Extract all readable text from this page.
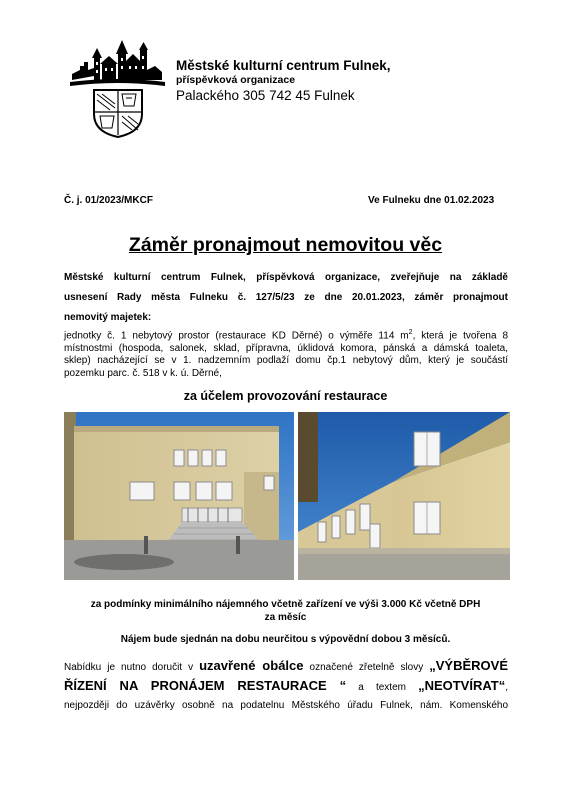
Městské kulturní centrum Fulnek,
příspěvková organizace
Palackého 305 742 45 Fulnek
Č. j. 01/2023/MKCF	Ve Fulneku dne 01.02.2023
Záměr pronajmout nemovitou věc
Městské kulturní centrum Fulnek, příspěvková organizace, zveřejňuje na základě
usnesení Rady města Fulneku č. 127/5/23 ze dne 20.01.2023, záměr pronajmout
nemovitý majetek:
jednotky č. 1 nebytový prostor (restaurace KD Děrné) o výměře 114 $m^2$, která je tvořena 8
místnostmi (hospoda, salonek, sklad, přípravna, úklidová komora, pánská a dámská toaleta,
sklep) nacházející se v 1. nadzemním podlaží domu čp.1 nebytový dům, který je součástí
pozemku parc. č. 518 v k. ú. Děrné,
za účelem provozování restaurace
za podmínky minimálního nájemného včetně zařízení ve výši 3.000 Kč včetně DPH
za měsíc
Nájem bude sjednán na dobu neurčitou s výpovědní dobou 3 měsíců.
Nabídku je nutno doručit v uzavřené obálce označené zřetelně slovy „VÝBĚROVÉ
ŘÍZENÍ NA PRONÁJEM RESTAURACE “ a textem „NEOTVÍRAT“,
nejpozději do uzávěrky osobně na podatelnu Městského úřadu Fulnek, nám. Komenského
